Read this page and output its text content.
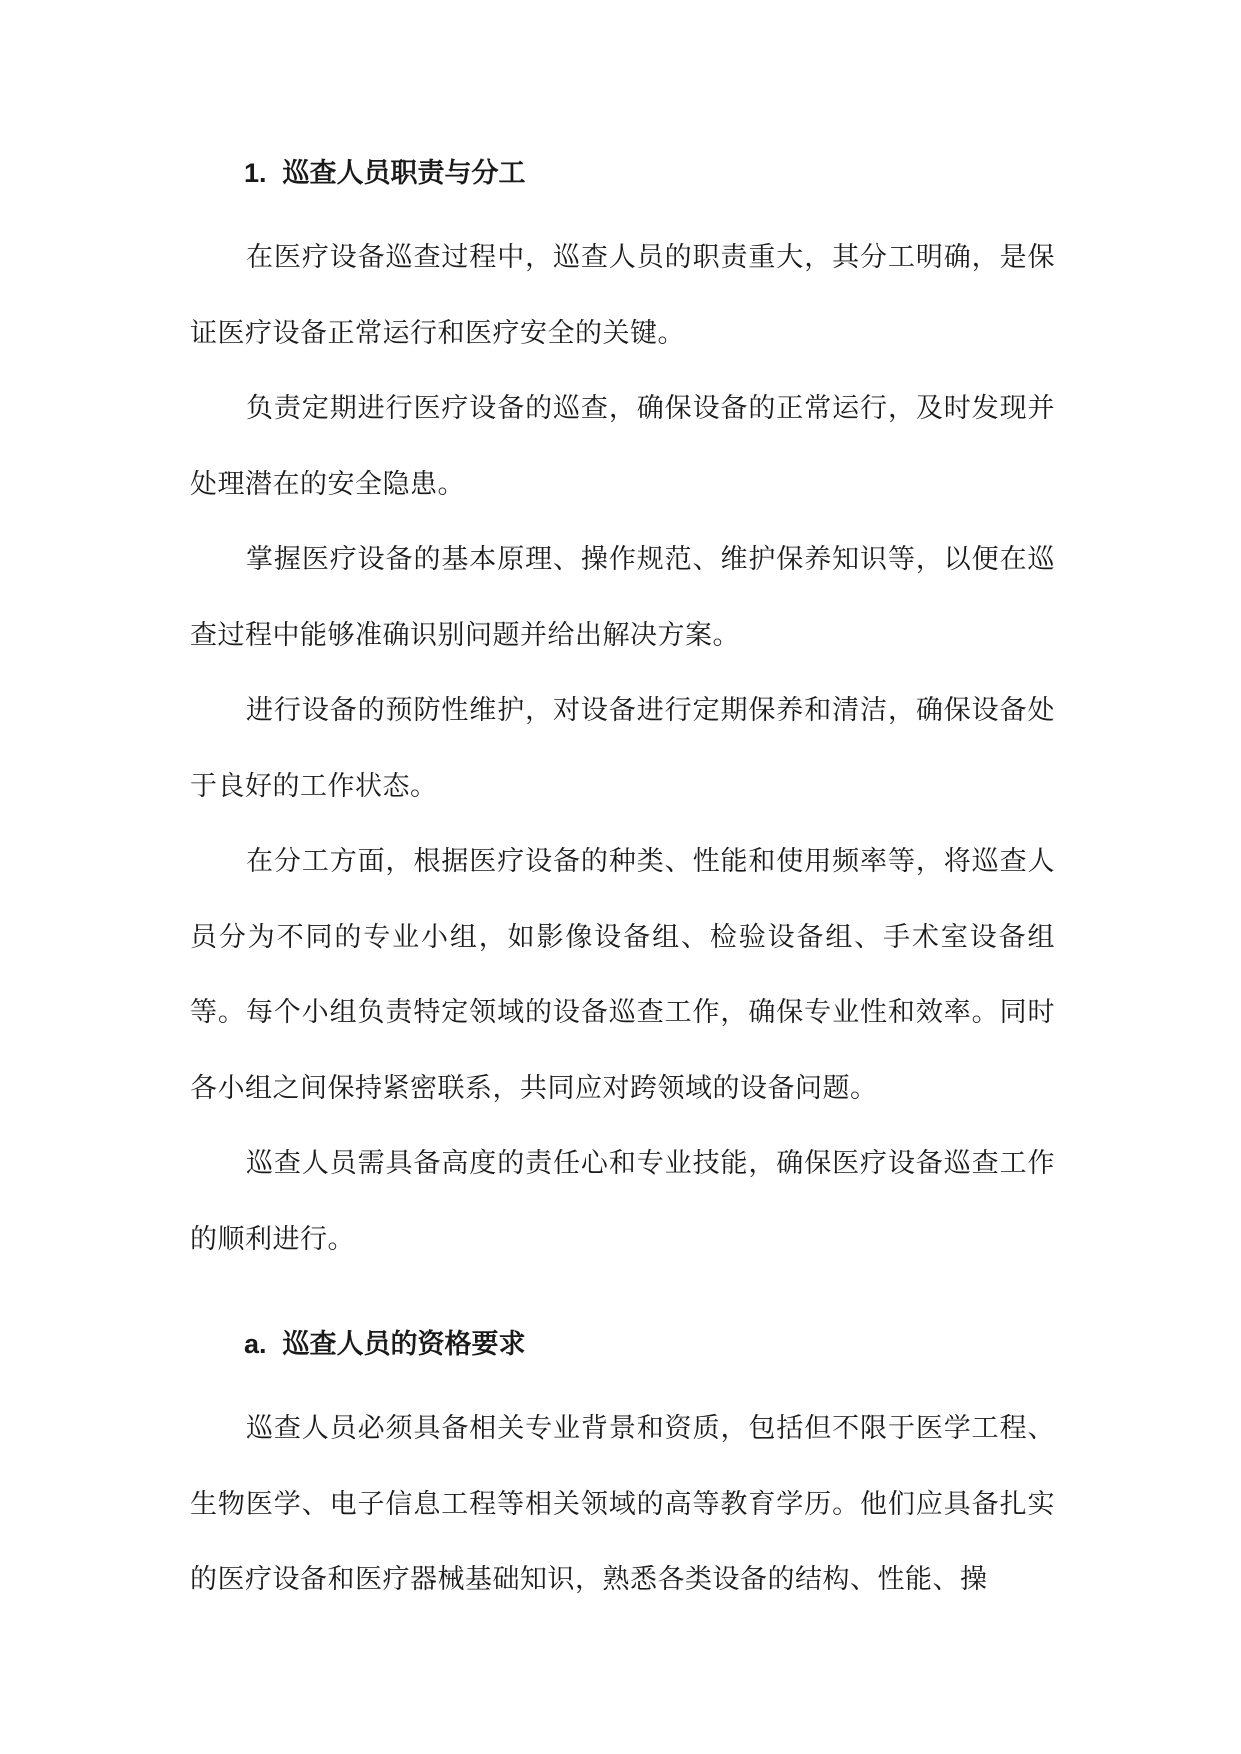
1. 巡查人员职责与分工

在医疗设备巡查过程中，巡查人员的职责重大，其分工明确，是保证医疗设备正常运行和医疗安全的关键。

负责定期进行医疗设备的巡查，确保设备的正常运行，及时发现并处理潜在的安全隐患。

掌握医疗设备的基本原理、操作规范、维护保养知识等，以便在巡查过程中能够准确识别问题并给出解决方案。

进行设备的预防性维护，对设备进行定期保养和清洁，确保设备处于良好的工作状态。

在分工方面，根据医疗设备的种类、性能和使用频率等，将巡查人员分为不同的专业小组，如影像设备组、检验设备组、手术室设备组等。每个小组负责特定领域的设备巡查工作，确保专业性和效率。同时各小组之间保持紧密联系，共同应对跨领域的设备问题。

巡查人员需具备高度的责任心和专业技能，确保医疗设备巡查工作的顺利进行。

a. 巡查人员的资格要求

巡查人员必须具备相关专业背景和资质，包括但不限于医学工程、生物医学、电子信息工程等相关领域的高等教育学历。他们应具备扎实的医疗设备和医疗器械基础知识，熟悉各类设备的结构、性能、操
